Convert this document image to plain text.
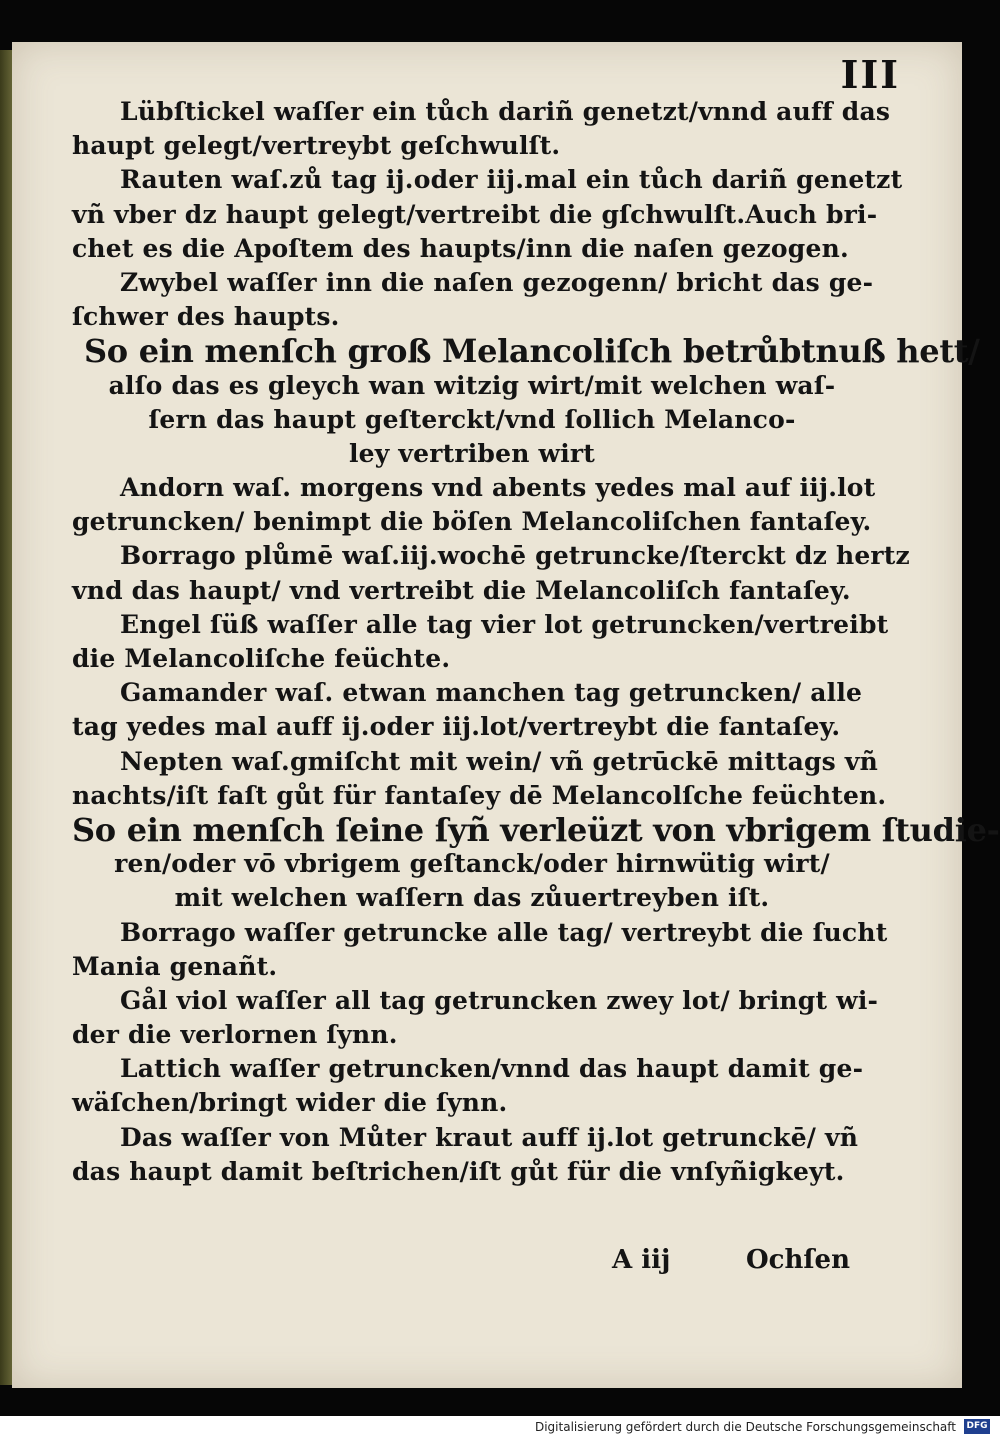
III
Lübſtickel waſſer ein tůch dariñ genetzt/vnnd auff das
haupt gelegt/vertreybt geſchwulſt.
Rauten waſ.zů tag ij.oder iij.mal ein tůch dariñ genetzt
vñ vber dz haupt gelegt/vertreibt die gſchwulſt.Auch bri‑
chet es die Apoſtem des haupts/inn die naſen gezogen.
Zwybel waſſer inn die naſen gezogenn/ bricht das ge‑
ſchwer des haupts.
So ein menſch groß Melancoliſch betrůbtnuß hett/
alſo das es gleych wan witzig wirt/mit welchen waſ‑
ſern das haupt geſterckt/vnd ſollich Melanco‑
ley vertriben wirt
Andorn waſ. morgens vnd abents yedes mal auf iij.lot
getruncken/ benimpt die böſen Melancoliſchen fantaſey.
Borrago plůmē waſ.iij.wochē getruncke/ſterckt dz hertz
vnd das haupt/ vnd vertreibt die Melancoliſch fantaſey.
Engel ſüß waſſer alle tag vier lot getruncken/vertreibt
die Melancoliſche feüchte.
Gamander waſ. etwan manchen tag getruncken/ alle
tag yedes mal auff ij.oder iij.lot/vertreybt die fantaſey.
Nepten waſ.gmiſcht mit wein/ vñ getrūckē mittags vñ
nachts/iſt faſt gůt für fantaſey dē Melancolſche feüchten.
So ein menſch ſeine ſyñ verleüzt von vbrigem ſtudie‑
ren/oder vō vbrigem geſtanck/oder hirnwütig wirt/
mit welchen waſſern das zůuertreyben iſt.
Borrago waſſer getruncke alle tag/ vertreybt die ſucht
Mania genañt.
Gål viol waſſer all tag getruncken zwey lot/ bringt wi‑
der die verlornen ſynn.
Lattich waſſer getruncken/vnnd das haupt damit ge‑
wäſchen/bringt wider die ſynn.
Das waſſer von Můter kraut auff ij.lot getrunckē/ vñ
das haupt damit beſtrichen/iſt gůt für die vnſyñigkeyt.
A iij	Ochſen
Digitalisierung gefördert durch die Deutsche Forschungsgemeinschaft DFG
